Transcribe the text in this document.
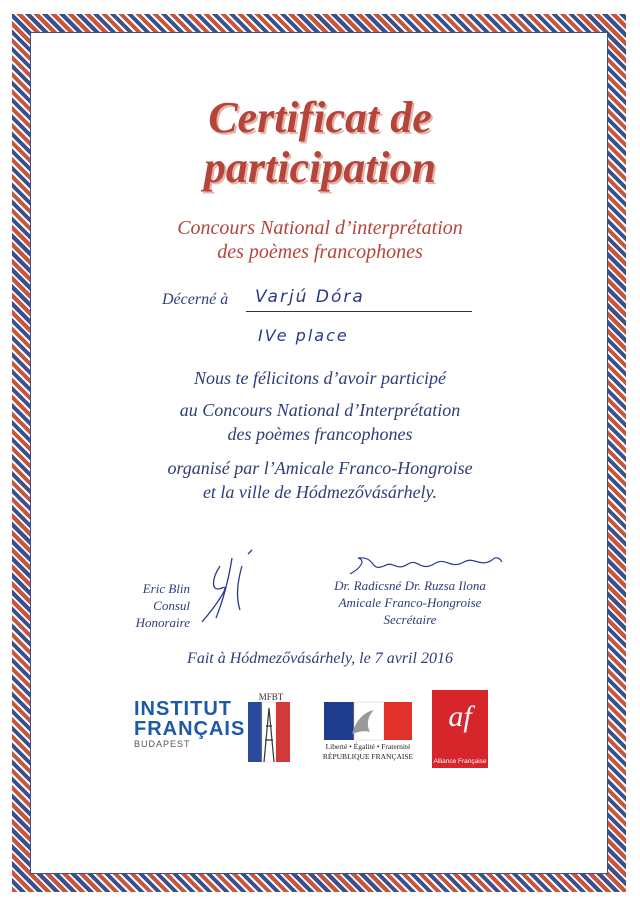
Certificat de
participation
Concours National d’interprétation
des poèmes francophones
Décerné à Varjú Dóra
IVe place
Nous te félicitons d’avoir participé
au Concours National d’Interprétation
des poèmes francophones
organisé par l’Amicale Franco-Hongroise
et la ville de Hódmezővásárhely.
Eric Blin
Consul
Honoraire
Dr. Radicsné Dr. Ruzsa Ilona
Amicale Franco-Hongroise
Secrétaire
Fait à Hódmezővásárhely, le 7 avril 2016
INSTITUT
FRANÇAIS
BUDAPEST
MFBT
Liberté • Égalité • Fraternité
RÉPUBLIQUE FRANÇAISE
af
Alliance Française
